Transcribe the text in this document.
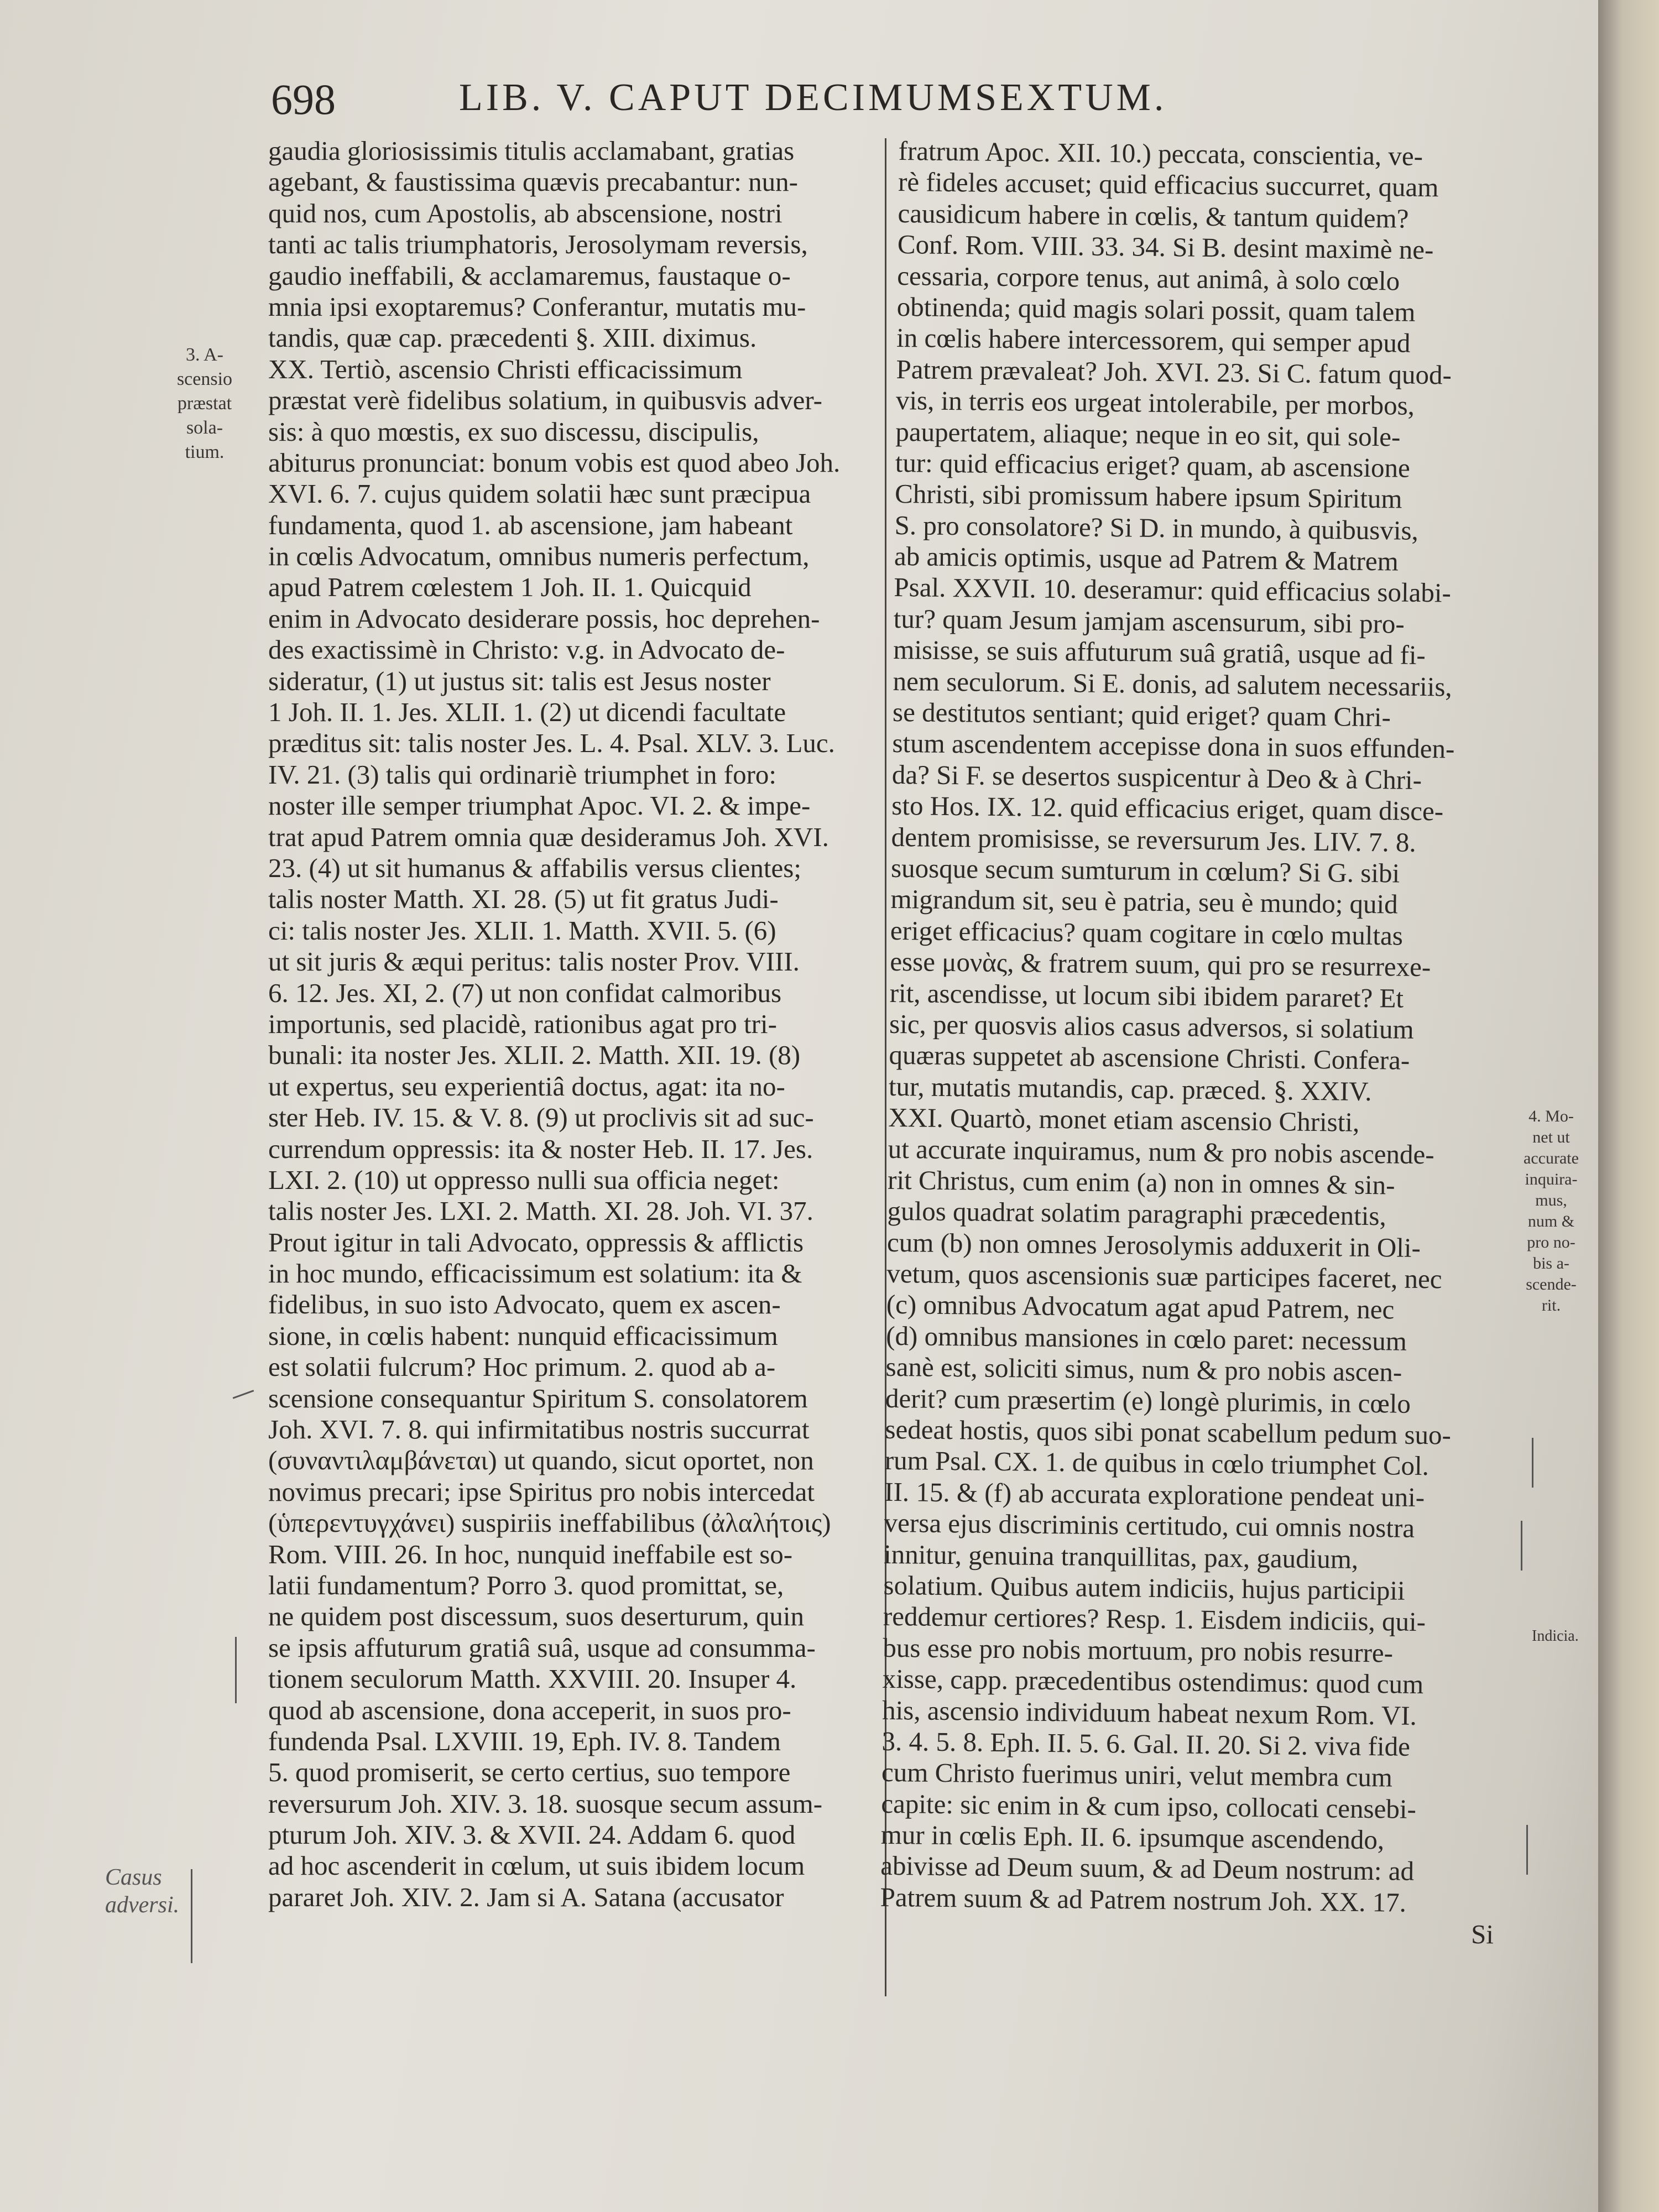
698	LIB. V. CAPUT DECIMUMSEXTUM.
gaudia gloriosissimis titulis acclamabant, gratias
agebant, & faustissima quævis precabantur: nun-
quid nos, cum Apostolis, ab abscensione, nostri
tanti ac talis triumphatoris, Jerosolymam reversis,
gaudio ineffabili, & acclamaremus, faustaque o-
mnia ipsi exoptaremus? Conferantur, mutatis mu-
tandis, quæ cap. præcedenti §. XIII. diximus.
XX. Tertiò, ascensio Christi efficacissimum
præstat verè fidelibus solatium, in quibusvis adver-
sis: à quo mœstis, ex suo discessu, discipulis,
abiturus pronunciat: bonum vobis est quod abeo Joh.
XVI. 6. 7. cujus quidem solatii hæc sunt præcipua
fundamenta, quod 1. ab ascensione, jam habeant
in cœlis Advocatum, omnibus numeris perfectum,
apud Patrem cœlestem 1 Joh. II. 1. Quicquid
enim in Advocato desiderare possis, hoc deprehen-
des exactissimè in Christo: v.g. in Advocato de-
sideratur, (1) ut justus sit: talis est Jesus noster
1 Joh. II. 1. Jes. XLII. 1. (2) ut dicendi facultate
præditus sit: talis noster Jes. L. 4. Psal. XLV. 3. Luc.
IV. 21. (3) talis qui ordinariè triumphet in foro:
noster ille semper triumphat Apoc. VI. 2. & impe-
trat apud Patrem omnia quæ desideramus Joh. XVI.
23. (4) ut sit humanus & affabilis versus clientes;
talis noster Matth. XI. 28. (5) ut fit gratus Judi-
ci: talis noster Jes. XLII. 1. Matth. XVII. 5. (6)
ut sit juris & æqui peritus: talis noster Prov. VIII.
6. 12. Jes. XI, 2. (7) ut non confidat calmoribus
importunis, sed placidè, rationibus agat pro tri-
bunali: ita noster Jes. XLII. 2. Matth. XII. 19. (8)
ut expertus, seu experientiâ doctus, agat: ita no-
ster Heb. IV. 15. & V. 8. (9) ut proclivis sit ad suc-
currendum oppressis: ita & noster Heb. II. 17. Jes.
LXI. 2. (10) ut oppresso nulli sua officia neget:
talis noster Jes. LXI. 2. Matth. XI. 28. Joh. VI. 37.
Prout igitur in tali Advocato, oppressis & afflictis
in hoc mundo, efficacissimum est solatium: ita &
fidelibus, in suo isto Advocato, quem ex ascen-
sione, in cœlis habent: nunquid efficacissimum
est solatii fulcrum? Hoc primum. 2. quod ab a-
scensione consequantur Spiritum S. consolatorem
Joh. XVI. 7. 8. qui infirmitatibus nostris succurrat
(συναντιλαμβάνεται) ut quando, sicut oportet, non
novimus precari; ipse Spiritus pro nobis intercedat
(ὑπερεντυγχάνει) suspiriis ineffabilibus (ἀλαλήτοις)
Rom. VIII. 26. In hoc, nunquid ineffabile est so-
latii fundamentum? Porro 3. quod promittat, se,
ne quidem post discessum, suos deserturum, quin
se ipsis affuturum gratiâ suâ, usque ad consumma-
tionem seculorum Matth. XXVIII. 20. Insuper 4.
quod ab ascensione, dona acceperit, in suos pro-
fundenda Psal. LXVIII. 19, Eph. IV. 8. Tandem
5. quod promiserit, se certo certius, suo tempore
reversurum Joh. XIV. 3. 18. suosque secum assum-
pturum Joh. XIV. 3. & XVII. 24. Addam 6. quod
ad hoc ascenderit in cœlum, ut suis ibidem locum
pararet Joh. XIV. 2. Jam si A. Satana (accusator
fratrum Apoc. XII. 10.) peccata, conscientia, ve-
rè fideles accuset; quid efficacius succurret, quam
causidicum habere in cœlis, & tantum quidem?
Conf. Rom. VIII. 33. 34. Si B. desint maximè ne-
cessaria, corpore tenus, aut animâ, à solo cœlo
obtinenda; quid magis solari possit, quam talem
in cœlis habere intercessorem, qui semper apud
Patrem prævaleat? Joh. XVI. 23. Si C. fatum quod-
vis, in terris eos urgeat intolerabile, per morbos,
paupertatem, aliaque; neque in eo sit, qui sole-
tur: quid efficacius eriget? quam, ab ascensione
Christi, sibi promissum habere ipsum Spiritum
S. pro consolatore? Si D. in mundo, à quibusvis,
ab amicis optimis, usque ad Patrem & Matrem
Psal. XXVII. 10. deseramur: quid efficacius solabi-
tur? quam Jesum jamjam ascensurum, sibi pro-
misisse, se suis affuturum suâ gratiâ, usque ad fi-
nem seculorum. Si E. donis, ad salutem necessariis,
se destitutos sentiant; quid eriget? quam Chri-
stum ascendentem accepisse dona in suos effunden-
da? Si F. se desertos suspicentur à Deo & à Chri-
sto Hos. IX. 12. quid efficacius eriget, quam disce-
dentem promisisse, se reversurum Jes. LIV. 7. 8.
suosque secum sumturum in cœlum? Si G. sibi
migrandum sit, seu è patria, seu è mundo; quid
eriget efficacius? quam cogitare in cœlo multas
esse μονὰς, & fratrem suum, qui pro se resurrexe-
rit, ascendisse, ut locum sibi ibidem pararet? Et
sic, per quosvis alios casus adversos, si solatium
quæras suppetet ab ascensione Christi. Confera-
tur, mutatis mutandis, cap. præced. §. XXIV.
XXI. Quartò, monet etiam ascensio Christi,
ut accurate inquiramus, num & pro nobis ascende-
rit Christus, cum enim (a) non in omnes & sin-
gulos quadrat solatim paragraphi præcedentis,
cum (b) non omnes Jerosolymis adduxerit in Oli-
vetum, quos ascensionis suæ participes faceret, nec
(c) omnibus Advocatum agat apud Patrem, nec
(d) omnibus mansiones in cœlo paret: necessum
sanè est, soliciti simus, num & pro nobis ascen-
derit? cum præsertim (e) longè plurimis, in cœlo
sedeat hostis, quos sibi ponat scabellum pedum suo-
rum Psal. CX. 1. de quibus in cœlo triumphet Col.
II. 15. & (f) ab accurata exploratione pendeat uni-
versa ejus discriminis certitudo, cui omnis nostra
innitur, genuina tranquillitas, pax, gaudium,
solatium. Quibus autem indiciis, hujus participii
reddemur certiores? Resp. 1. Eisdem indiciis, qui-
bus esse pro nobis mortuum, pro nobis resurre-
xisse, capp. præcedentibus ostendimus: quod cum
his, ascensio individuum habeat nexum Rom. VI.
3. 4. 5. 8. Eph. II. 5. 6. Gal. II. 20. Si 2. viva fide
cum Christo fuerimus uniri, velut membra cum
capite: sic enim in & cum ipso, collocati censebi-
mur in cœlis Eph. II. 6. ipsumque ascendendo,
abivisse ad Deum suum, & ad Deum nostrum: ad
Patrem suum & ad Patrem nostrum Joh. XX. 17.
Si
3. A-
scensio
præstat
sola-
tium.
Casus
adversi.
4. Mo-
net ut
accurate
inquira-
mus,
num &
pro no-
bis a-
scende-
rit.
Indicia.
